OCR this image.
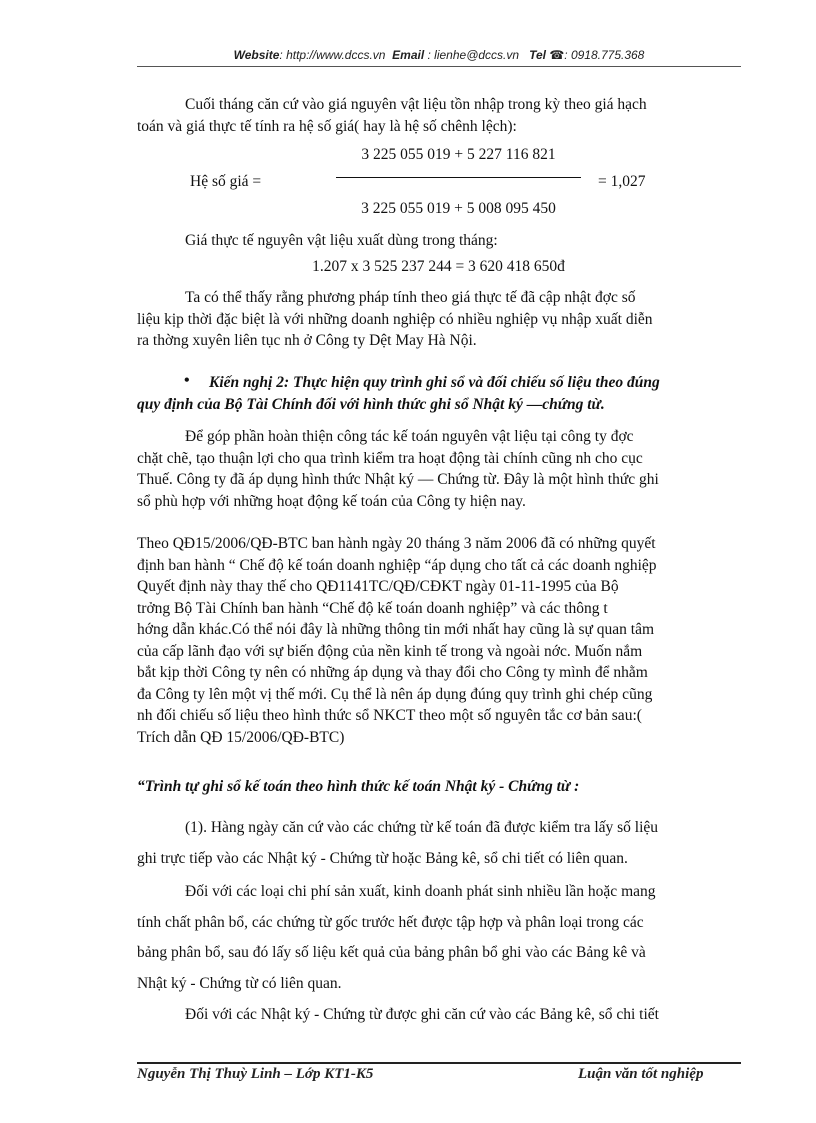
Website: http://www.dccs.vn Email : lienhe@dccs.vn Tel ☎: 0918.775.368
Cuối tháng căn cứ vào giá nguyên vật liệu tồn nhập trong kỳ theo giá hạch
toán và giá thực tế tính ra hệ số giá( hay là hệ số chênh lệch):
3 225 055 019 + 5 227 116 821
Hệ số giá =	= 1,027
3 225 055 019 + 5 008 095 450
Giá thực tế nguyên vật liệu xuất dùng trong tháng:
1.207 x 3 525 237 244 = 3 620 418 650đ
Ta có thể thấy rằng phương pháp tính theo giá thực tế đã cập nhật đợc số
liệu kịp thời đặc biệt là với những doanh nghiệp có nhiều nghiệp vụ nhập xuất diễn
ra thờng xuyên liên tục nh ở Công ty Dệt May Hà Nội.
•	Kiến nghị 2: Thực hiện quy trình ghi sổ và đối chiếu số liệu theo đúng
quy định của Bộ Tài Chính đối với hình thức ghi sổ Nhật ký —chứng từ.
Để góp phần hoàn thiện công tác kế toán nguyên vật liệu tại công ty đợc
chặt chẽ, tạo thuận lợi cho qua trình kiểm tra hoạt động tài chính cũng nh cho cục
Thuế. Công ty đã áp dụng hình thức Nhật ký — Chứng từ. Đây là một hình thức ghi
sổ phù hợp với những hoạt động kế toán của Công ty hiện nay.
Theo QĐ15/2006/QĐ-BTC ban hành ngày 20 tháng 3 năm 2006 đã có những quyết
định ban hành “ Chế độ kế toán doanh nghiệp “áp dụng cho tất cả các doanh nghiệp
Quyết định này thay thế cho QĐ1141TC/QĐ/CĐKT ngày 01-11-1995 của Bộ
trởng Bộ Tài Chính ban hành “Chế độ kế toán doanh nghiệp” và các thông t
hớng dẫn khác.Có thể nói đây là những thông tin mới nhất hay cũng là sự quan tâm
của cấp lãnh đạo với sự biến động của nền kinh tế trong và ngoài nớc. Muốn nắm
bắt kịp thời Công ty nên có những áp dụng và thay đổi cho Công ty mình để nhằm
đa Công ty lên một vị thế mới. Cụ thể là nên áp dụng đúng quy trình ghi chép cũng
nh đối chiếu số liệu theo hình thức sổ NKCT theo một số nguyên tắc cơ bản sau:(
Trích dẫn QĐ 15/2006/QĐ-BTC)
“Trình tự ghi sổ kế toán theo hình thức kế toán Nhật ký - Chứng từ :
(1). Hàng ngày căn cứ vào các chứng từ kế toán đã được kiểm tra lấy số liệu
ghi trực tiếp vào các Nhật ký - Chứng từ hoặc Bảng kê, sổ chi tiết có liên quan.
Đối với các loại chi phí sản xuất, kinh doanh phát sinh nhiều lần hoặc mang
tính chất phân bổ, các chứng từ gốc trước hết được tập hợp và phân loại trong các
bảng phân bổ, sau đó lấy số liệu kết quả của bảng phân bổ ghi vào các Bảng kê và
Nhật ký - Chứng từ có liên quan.
Đối với các Nhật ký - Chứng từ được ghi căn cứ vào các Bảng kê, sổ chi tiết
Nguyễn Thị Thuỳ Linh – Lớp KT1-K5	Luận văn tốt nghiệp
